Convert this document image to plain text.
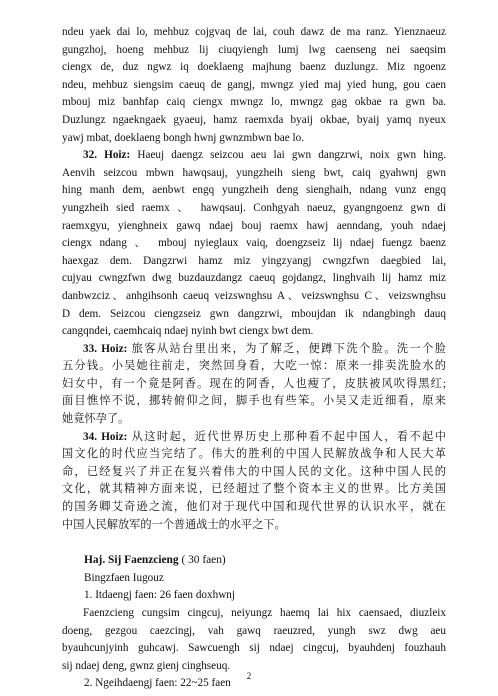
ndeu yaek dai lo, mehbuz cojgvaq de lai, couh dawz de ma ranz. Yienznaeuz
gungzhoj, hoeng mehbuz lij ciuqyiengh lumj lwg caenseng nei saeqsim
ciengx de, duz ngwz iq doeklaeng majhung baenz duzlungz. Miz ngoenz
ndeu, mehbuz siengsim caeuq de gangj, mwngz yied maj yied hung, gou caen
mbouj miz banhfap caiq ciengx mwngz lo, mwngz gag okbae ra gwn ba.
Duzlungz ngaekngaek gyaeuj, hamz raemxda byaij okbae, byaij yamq nyeux
yawj mbat, doeklaeng bongh hwnj gwnzmbwn bae lo.
32. Hoiz: Haeuj daengz seizcou aeu lai gwn dangzrwi, noix gwn hing.
Aenvih seizcou mbwn hawqsauj, yungzheih sieng bwt, caiq gyahwnj gwn
hing manh dem, aenbwt engq yungzheih deng sienghaih, ndang vunz engq
yungzheih sied raemx 、 hawqsauj. Conhgyah naeuz, gyangngoenz gwn di
raemxgyu, yienghneix gawq ndaej bouj raemx hawj aenndang, youh ndaej
ciengx ndang 、 mbouj nyieglaux vaiq, doengzseiz lij ndaej fuengz baenz
haexgaz dem. Dangzrwi hamz miz yingzyangj cwngzfwn daegbied lai,
cujyau cwngzfwn dwg buzdauzdangz caeuq gojdangz, linghvaih lij hamz miz
danbwzciz、anhgihsonh caeuq veizswnghsu A、veizswnghsu C、veizswnghsu
D dem. Seizcou ciengzseiz gwn dangzrwi, mboujdan ik ndangbingh dauq
cangqndei, caemhcaiq ndaej nyinh bwt ciengx bwt dem.
33. Hoiz: 旅客从站台里出来，为了解乏，便蹲下洗个脸。洗一个脸
五分钱。小吴她往前走，突然回身看，大吃一惊：原来一排卖洗脸水的
妇女中，有一个竟是阿香。现在的阿香，人也瘦了，皮肤被风吹得黑红;
面目憔悴不说，挪转俯仰之间，脚手也有些笨。小吴又走近细看，原来
她竟怀孕了。
34. Hoiz: 从这时起，近代世界历史上那种看不起中国人，看不起中
国文化的时代应当完结了。伟大的胜利的中国人民解放战争和人民大革
命，已经复兴了并正在复兴着伟大的中国人民的文化。这种中国人民的
文化，就其精神方面来说，已经超过了整个资本主义的世界。比方美国
的国务卿艾奇逊之流，他们对于现代中国和现代世界的认识水平，就在
中国人民解放军的一个普通战士的水平之下。
Haj. Sij Faenzcieng ( 30 faen)
Bingzfaen Iugouz
1. Itdaengj faen: 26 faen doxhwnj
Faenzcieng cungsim cingcuj, neiyungz haemq lai hix caensaed, diuzleix
doeng, gezgou caezcingj, vah gawq raeuzred, yungh swz dwg aeu
byauhcunjyinh guhcawj. Sawcuengh sij ndaej cingcuj, byauhdenj fouzhauh
sij ndaej deng, gwnz gienj cinghseuq.
2. Ngeihdaengj faen: 22~25 faen
2
